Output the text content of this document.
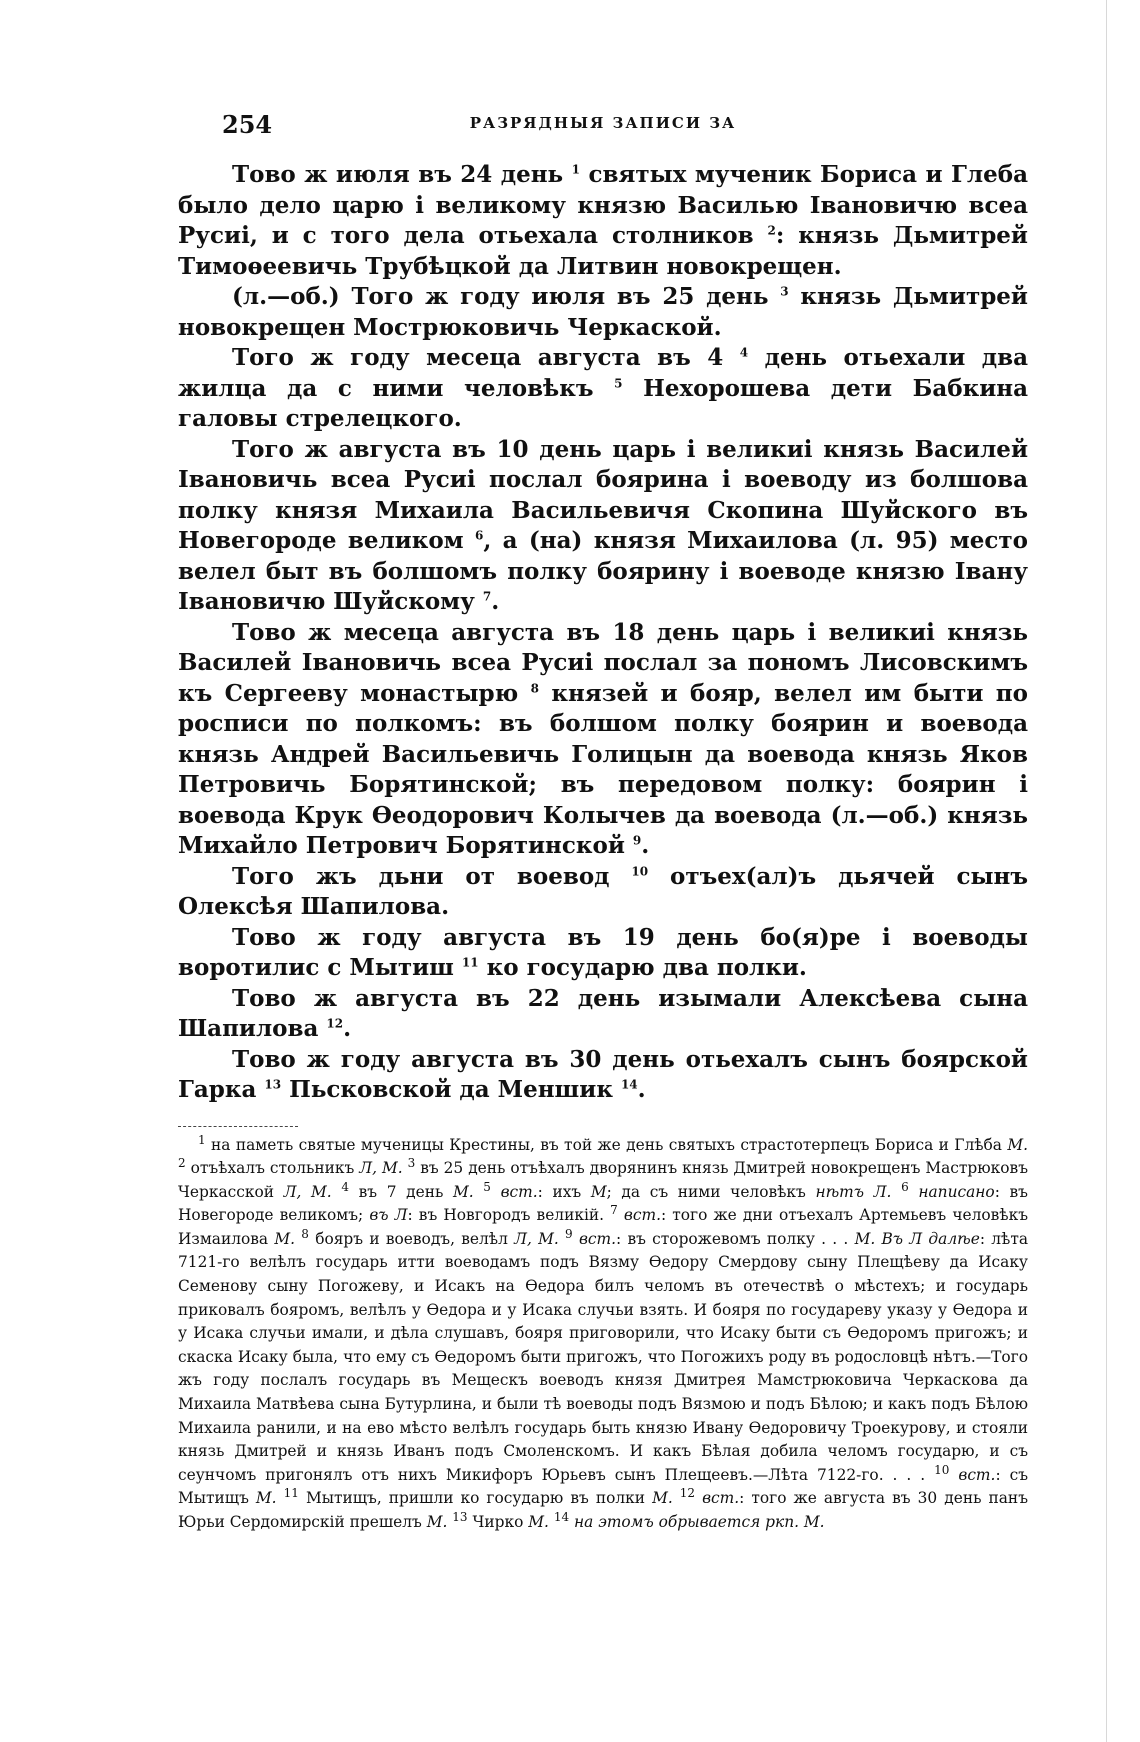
254	РАЗРЯДНЫЯ ЗАПИСИ ЗА

Тово ж июля въ 24 день $^1$ святых мученик Бориса и Глеба было дело царю і великому князю Василью Івановичю всеа Русиі, и с того дела отьехала столников $^2$: князь Дьмитрей Тимоѳеевичь Трубѣцкой да Литвин новокрещен.

(л.—об.) Того ж году июля въ 25 день $^3$ князь Дьмитрей новокрещен Мострюковичь Черкаской.

Того ж году месеца августа въ 4 $^4$ день отьехали два жилца да с ними человѣкъ $^5$ Нехорошева дети Бабкина галовы стрелецкого.

Того ж августа въ 10 день царь і великиі князь Василей Івановичь всеа Русиі послал боярина і воеводу из болшова полку князя Михаила Васильевичя Скопина Шуйского въ Новегороде великом $^6$, а (на) князя Михаилова (л. 95) место велел быт въ болшомъ полку боярину і воеводе князю Івану Івановичю Шуйскому $^7$.

Тово ж месеца августа въ 18 день царь і великиі князь Василей Івановичь всеа Русиі послал за пономъ Лисовскимъ къ Сергееву монастырю $^8$ князей и бояр, велел им быти по росписи по полкомъ: въ болшом полку боярин и воевода князь Андрей Васильевичь Голицын да воевода князь Яков Петровичь Борятинской; въ передовом полку: боярин і воевода Крук Ѳеодорович Колычев да воевода (л.—об.) князь Михайло Петрович Борятинской $^9$.

Того жъ дьни от воевод $^{10}$ отъех(ал)ъ дьячей сынъ Олексѣя Шапилова.

Тово ж году августа въ 19 день бо(я)ре і воеводы воротилис с Мытиш $^{11}$ ко государю два полки.

Тово ж августа въ 22 день изымали Алексѣева сына Шапилова $^{12}$.

Тово ж году августа въ 30 день отьехалъ сынъ боярской Гарка $^{13}$ Пьсковской да Меншик $^{14}$.

$^1$ на паметь святые мученицы Крестины, въ той же день святыхъ страстотерпецъ Бориса и Глѣба М. $^2$ отъѣхалъ стольникъ Л, М. $^3$ въ 25 день отъѣхалъ дворянинъ князь Дмитрей новокрещенъ Мастрюковъ Черкасской Л, М. $^4$ въ 7 день М. $^5$ вст.: ихъ М; да съ ними человѣкъ нѣтъ Л. $^6$ написано: въ Новегороде великомъ; въ Л: въ Новгородъ великій. $^7$ вст.: того же дни отъехалъ Артемьевъ человѣкъ Измаилова М. $^8$ бояръ и воеводъ, велѣл Л, М. $^9$ вст.: въ сторожевомъ полку . . . М. Въ Л далѣе: лѣта 7121-го велѣлъ государь итти воеводамъ подъ Вязму Ѳедору Смердову сыну Плещѣеву да Исаку Семенову сыну Погожеву, и Исакъ на Ѳедора билъ челомъ въ отечествѣ о мѣстехъ; и государь приковалъ бояромъ, велѣлъ у Ѳедора и у Исака случьи взять. И бояря по государеву указу у Ѳедора и у Исака случьи имали, и дѣла слушавъ, бояря приговорили, что Исаку быти съ Ѳедоромъ пригожъ; и скаска Исаку была, что ему съ Ѳедоромъ быти пригожъ, что Погожихъ роду въ родословцѣ нѣтъ.—Того жъ году послалъ государь въ Мещескъ воеводъ князя Дмитрея Мамстрюковича Черкаскова да Михаила Матвѣева сына Бутурлина, и были тѣ воеводы подъ Вязмою и подъ Бѣлою; и какъ подъ Бѣлою Михаила ранили, и на ево мѣсто велѣлъ государь быть князю Ивану Ѳедоровичу Троекурову, и стояли князь Дмитрей и князь Иванъ подъ Смоленскомъ. И какъ Бѣлая добила челомъ государю, и съ сеунчомъ пригонялъ отъ нихъ Микифоръ Юрьевъ сынъ Плещеевъ.—Лѣта 7122-го. . . . $^{10}$ вст.: съ Мытищъ М. $^{11}$ Мытищъ, пришли ко государю въ полки М. $^{12}$ вст.: того же августа въ 30 день панъ Юрьи Сердомирскій прешелъ М. $^{13}$ Чирко М. $^{14}$ на этомъ обрывается ркп. М.
